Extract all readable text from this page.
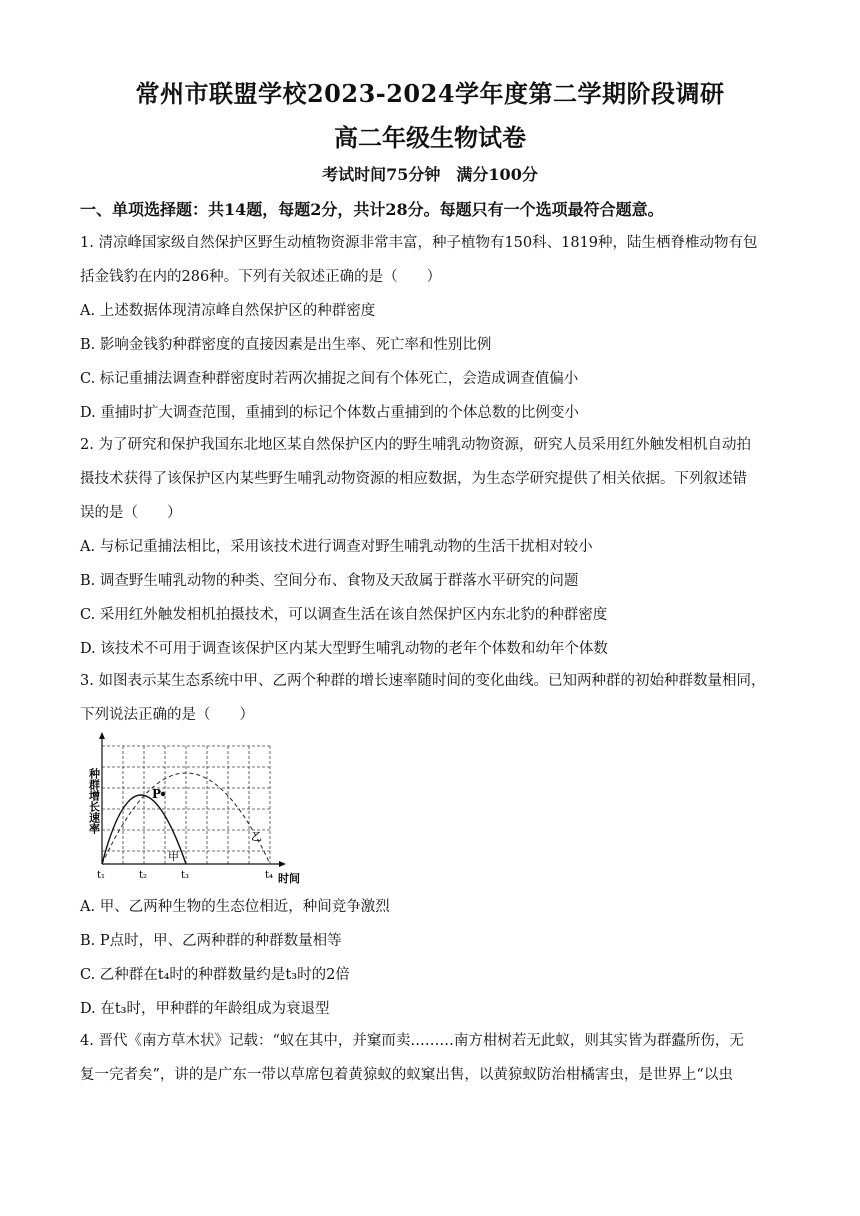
常州市联盟学校2023-2024学年度第二学期阶段调研
高二年级生物试卷
考试时间75分钟　满分100分
一、单项选择题：共14题，每题2分，共计28分。每题只有一个选项最符合题意。
1. 清凉峰国家级自然保护区野生动植物资源非常丰富，种子植物有150科、1819种，陆生栖脊椎动物有包
括金钱豹在内的286种。下列有关叙述正确的是（　　）
A. 上述数据体现清凉峰自然保护区的种群密度
B. 影响金钱豹种群密度的直接因素是出生率、死亡率和性别比例
C. 标记重捕法调查种群密度时若两次捕捉之间有个体死亡，会造成调查值偏小
D. 重捕时扩大调查范围，重捕到的标记个体数占重捕到的个体总数的比例变小
2. 为了研究和保护我国东北地区某自然保护区内的野生哺乳动物资源，研究人员采用红外触发相机自动拍
摄技术获得了该保护区内某些野生哺乳动物资源的相应数据，为生态学研究提供了相关依据。下列叙述错
误的是（　　）
A. 与标记重捕法相比，采用该技术进行调查对野生哺乳动物的生活干扰相对较小
B. 调查野生哺乳动物的种类、空间分布、食物及天敌属于群落水平研究的问题
C. 采用红外触发相机拍摄技术，可以调查生活在该自然保护区内东北豹的种群密度
D. 该技术不可用于调查该保护区内某大型野生哺乳动物的老年个体数和幼年个体数
3. 如图表示某生态系统中甲、乙两个种群的增长速率随时间的变化曲线。已知两种群的初始种群数量相同，
下列说法正确的是（　　）
P
甲
乙
种群增长速率
t₁	t₂	t₃	t₄ 时间
A. 甲、乙两种生物的生态位相近，种间竞争激烈
B. P点时，甲、乙两种群的种群数量相等
C. 乙种群在t₄时的种群数量约是t₃时的2倍
D. 在t₃时，甲种群的年龄组成为衰退型
4. 晋代《南方草木状》记载：“蚁在其中，并窠而卖………南方柑树若无此蚁，则其实皆为群蠹所伤，无
复一完者矣”，讲的是广东一带以草席包着黄猄蚁的蚁窠出售，以黄猄蚁防治柑橘害虫，是世界上“以虫
